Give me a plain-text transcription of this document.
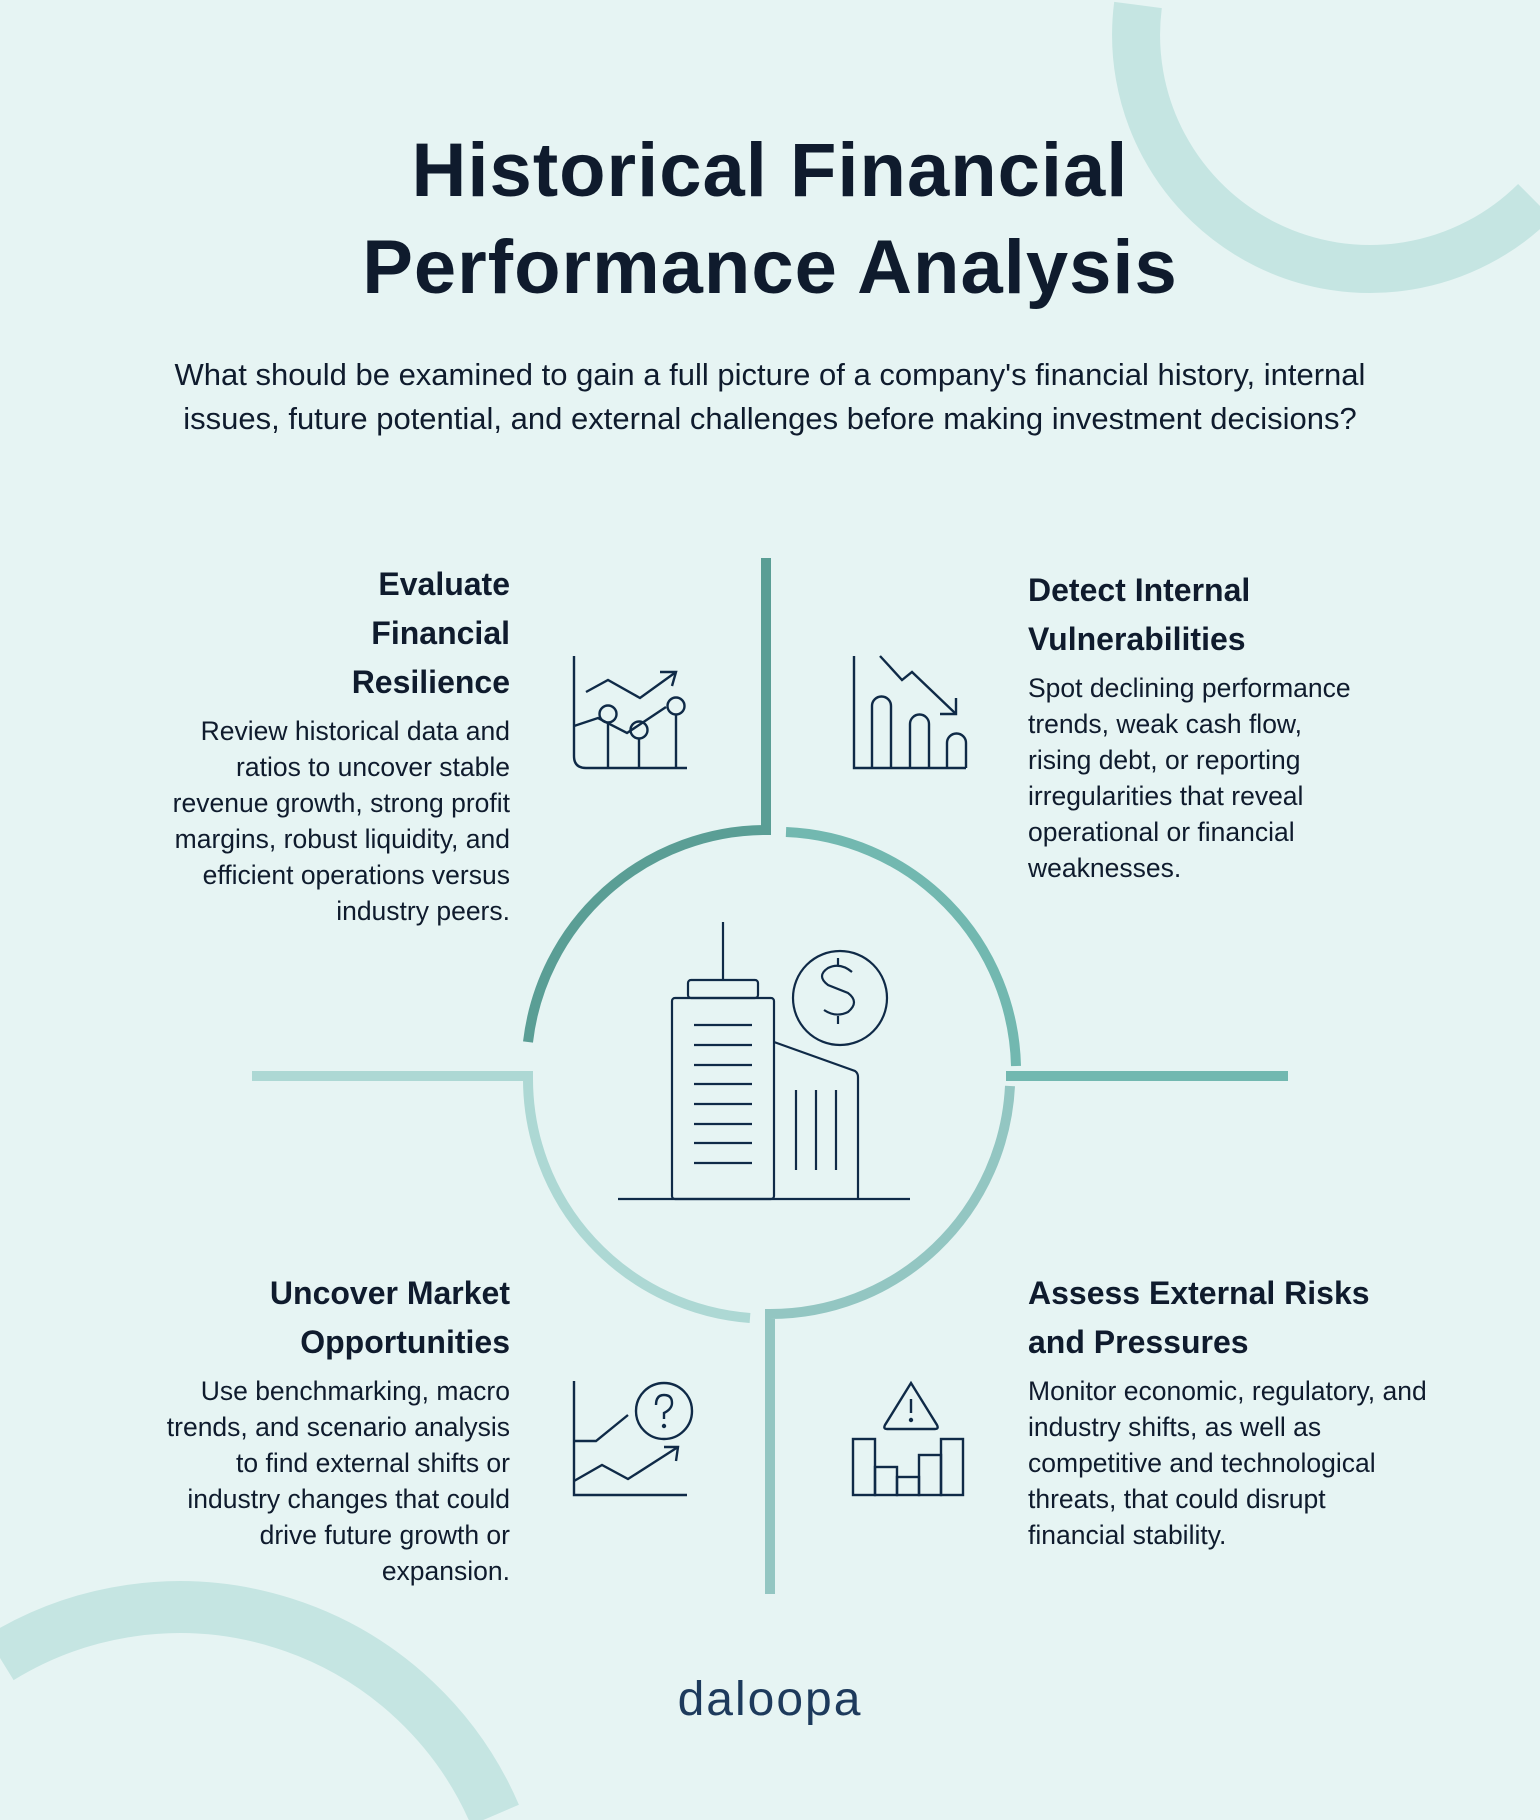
Historical Financial
Performance Analysis
What should be examined to gain a full picture of a company's financial history, internal issues, future potential, and external challenges before making investment decisions?
Evaluate Financial Resilience

Review historical data and ratios to uncover stable revenue growth, strong profit margins, robust liquidity, and efficient operations versus industry peers.

Detect Internal Vulnerabilities

Spot declining performance trends, weak cash flow, rising debt, or reporting irregularities that reveal operational or financial weaknesses.

Uncover Market Opportunities

Use benchmarking, macro trends, and scenario analysis to find external shifts or industry changes that could drive future growth or expansion.

Assess External Risks and Pressures

Monitor economic, regulatory, and industry shifts, as well as competitive and technological threats, that could disrupt financial stability.

daloopa
